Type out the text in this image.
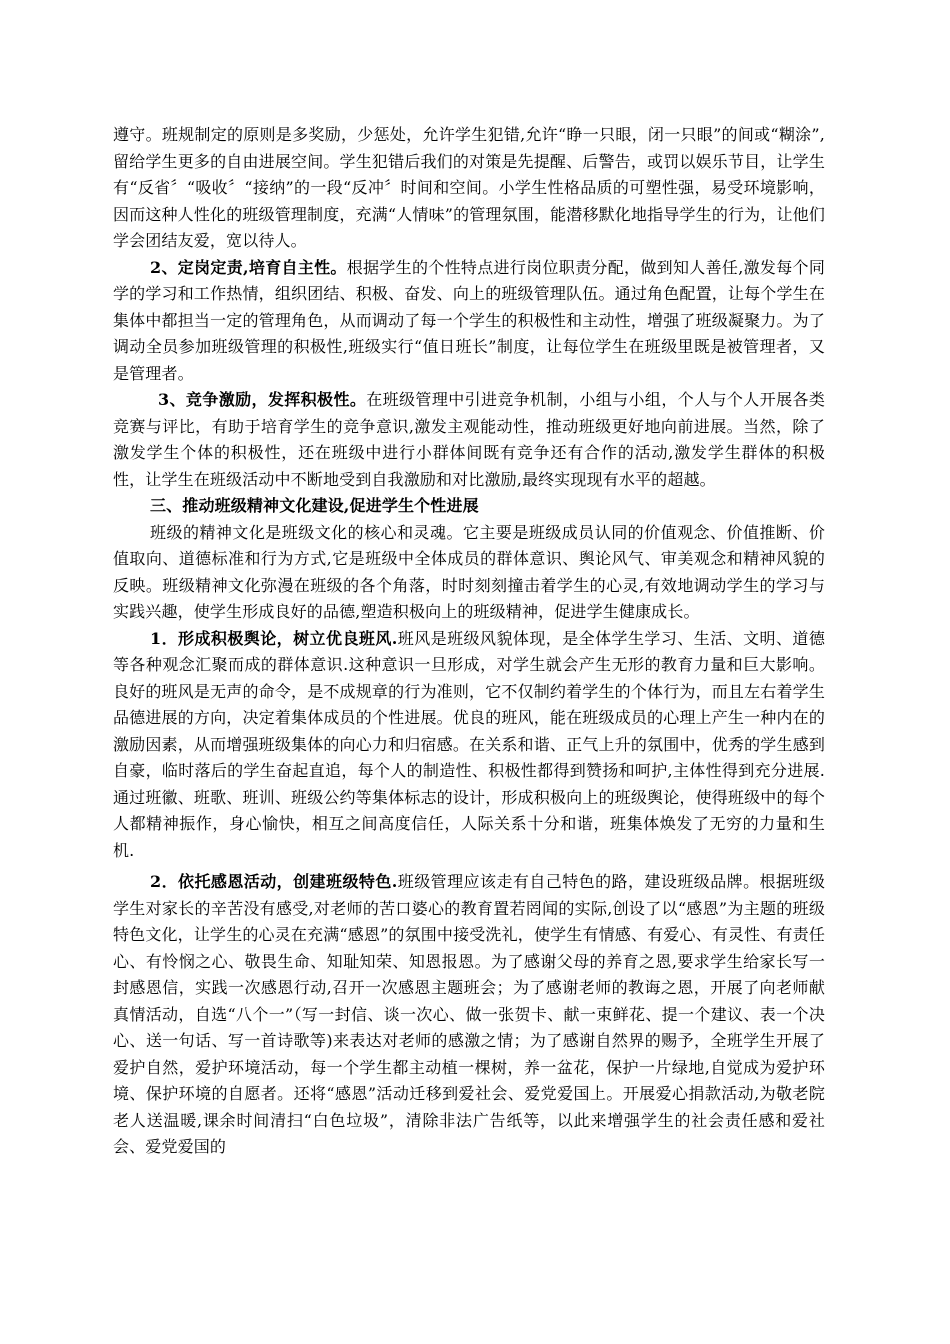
遵守。班规制定的原则是多奖励，少惩处，允许学生犯错,允许“睁一只眼，闭一只眼”的间或“糊涂”,留给学生更多的自由进展空间。学生犯错后我们的对策是先提醒、后警告，或罚以娱乐节目，让学生有“反省〞“吸收〞“接纳”的一段“反冲〞时间和空间。小学生性格品质的可塑性强，易受环境影响，因而这种人性化的班级管理制度，充满“人情味”的管理氛围，能潜移默化地指导学生的行为，让他们学会团结友爱，宽以待人。

2、定岗定责,培育自主性。根据学生的个性特点进行岗位职责分配，做到知人善任,激发每个同学的学习和工作热情，组织团结、积极、奋发、向上的班级管理队伍。通过角色配置，让每个学生在集体中都担当一定的管理角色，从而调动了每一个学生的积极性和主动性，增强了班级凝聚力。为了调动全员参加班级管理的积极性,班级实行“值日班长”制度，让每位学生在班级里既是被管理者，又是管理者。

3、竞争激励，发挥积极性。在班级管理中引进竞争机制，小组与小组，个人与个人开展各类竞赛与评比，有助于培育学生的竞争意识,激发主观能动性，推动班级更好地向前进展。当然，除了激发学生个体的积极性，还在班级中进行小群体间既有竞争还有合作的活动,激发学生群体的积极性，让学生在班级活动中不断地受到自我激励和对比激励,最终实现现有水平的超越。

三、推动班级精神文化建设,促进学生个性进展

班级的精神文化是班级文化的核心和灵魂。它主要是班级成员认同的价值观念、价值推断、价值取向、道德标准和行为方式,它是班级中全体成员的群体意识、舆论风气、审美观念和精神风貌的反映。班级精神文化弥漫在班级的各个角落，时时刻刻撞击着学生的心灵,有效地调动学生的学习与实践兴趣，使学生形成良好的品德,塑造积极向上的班级精神，促进学生健康成长。

1．形成积极舆论，树立优良班风.班风是班级风貌体现，是全体学生学习、生活、文明、道德等各种观念汇聚而成的群体意识.这种意识一旦形成，对学生就会产生无形的教育力量和巨大影响。良好的班风是无声的命令，是不成规章的行为准则，它不仅制约着学生的个体行为，而且左右着学生品德进展的方向，决定着集体成员的个性进展。优良的班风，能在班级成员的心理上产生一种内在的激励因素，从而增强班级集体的向心力和归宿感。在关系和谐、正气上升的氛围中，优秀的学生感到自豪，临时落后的学生奋起直追，每个人的制造性、积极性都得到赞扬和呵护,主体性得到充分进展.通过班徽、班歌、班训、班级公约等集体标志的设计，形成积极向上的班级舆论，使得班级中的每个人都精神振作，身心愉快，相互之间高度信任，人际关系十分和谐，班集体焕发了无穷的力量和生机.

2．依托感恩活动，创建班级特色.班级管理应该走有自己特色的路，建设班级品牌。根据班级学生对家长的辛苦没有感受,对老师的苦口婆心的教育置若罔闻的实际,创设了以“感恩”为主题的班级特色文化，让学生的心灵在充满“感恩”的氛围中接受洗礼，使学生有情感、有爱心、有灵性、有责任心、有怜悯之心、敬畏生命、知耻知荣、知恩报恩。为了感谢父母的养育之恩,要求学生给家长写一封感恩信，实践一次感恩行动,召开一次感恩主题班会；为了感谢老师的教诲之恩，开展了向老师献真情活动，自选“八个一”（写一封信、谈一次心、做一张贺卡、献一束鲜花、提一个建议、表一个决心、送一句话、写一首诗歌等)来表达对老师的感激之情；为了感谢自然界的赐予，全班学生开展了爱护自然，爱护环境活动，每一个学生都主动植一棵树，养一盆花，保护一片绿地,自觉成为爱护环境、保护环境的自愿者。还将“感恩”活动迁移到爱社会、爱党爱国上。开展爱心捐款活动,为敬老院老人送温暖,课余时间清扫“白色垃圾”，清除非法广告纸等，以此来增强学生的社会责任感和爱社会、爱党爱国的
